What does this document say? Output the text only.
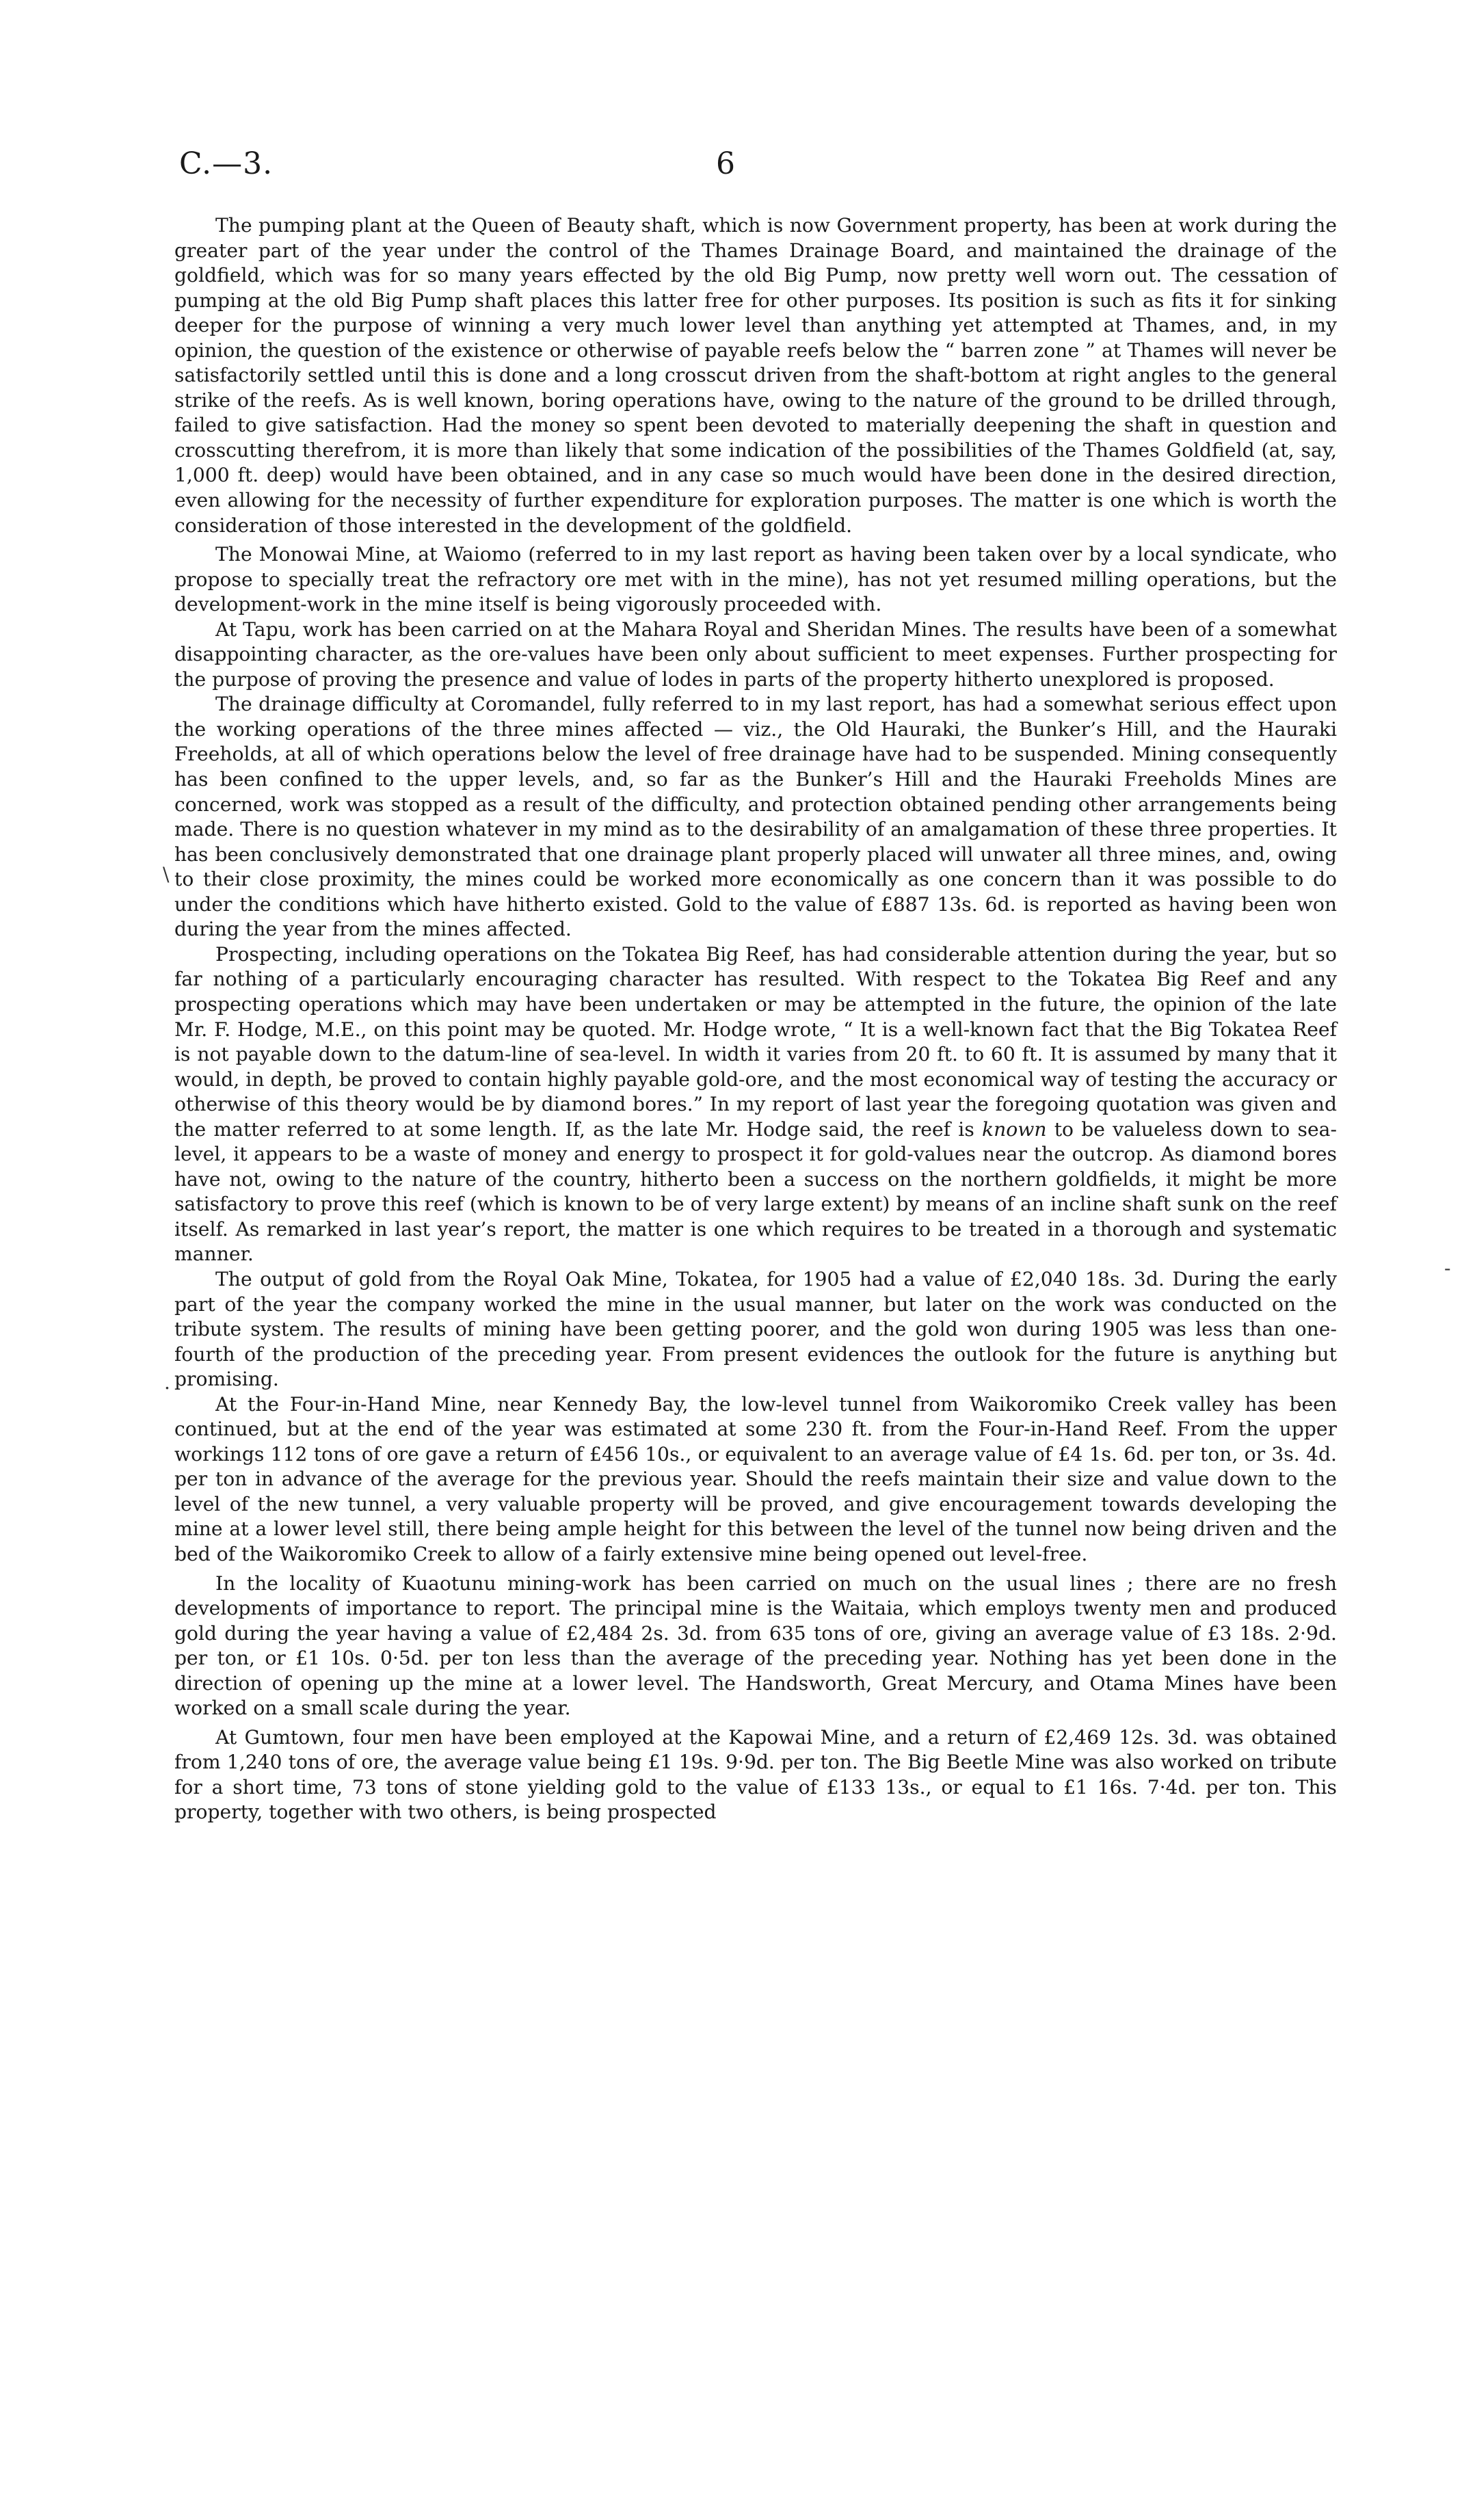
C.—3.	6

The pumping plant at the Queen of Beauty shaft, which is now Government property, has been at work during the greater part of the year under the control of the Thames Drainage Board, and maintained the drainage of the goldfield, which was for so many years effected by the old Big Pump, now pretty well worn out. The cessation of pumping at the old Big Pump shaft places this latter free for other purposes. Its position is such as fits it for sinking deeper for the purpose of winning a very much lower level than anything yet attempted at Thames, and, in my opinion, the question of the existence or otherwise of payable reefs below the “ barren zone ” at Thames will never be satisfactorily settled until this is done and a long crosscut driven from the shaft-bottom at right angles to the general strike of the reefs. As is well known, boring operations have, owing to the nature of the ground to be drilled through, failed to give satisfaction. Had the money so spent been devoted to materially deepening the shaft in question and crosscutting therefrom, it is more than likely that some indication of the possibilities of the Thames Goldfield (at, say, 1,000 ft. deep) would have been obtained, and in any case so much would have been done in the desired direction, even allowing for the necessity of further expenditure for exploration purposes. The matter is one which is worth the consideration of those interested in the development of the goldfield.

The Monowai Mine, at Waiomo (referred to in my last report as having been taken over by a local syndicate, who propose to specially treat the refractory ore met with in the mine), has not yet resumed milling operations, but the development-work in the mine itself is being vigorously proceeded with.

At Tapu, work has been carried on at the Mahara Royal and Sheridan Mines. The results have been of a somewhat disappointing character, as the ore-values have been only about sufficient to meet expenses. Further prospecting for the purpose of proving the presence and value of lodes in parts of the property hitherto unexplored is proposed.

The drainage difficulty at Coromandel, fully referred to in my last report, has had a somewhat serious effect upon the working operations of the three mines affected — viz., the Old Hauraki, the Bunker’s Hill, and the Hauraki Freeholds, at all of which operations below the level of free drainage have had to be suspended. Mining consequently has been confined to the upper levels, and, so far as the Bunker’s Hill and the Hauraki Freeholds Mines are concerned, work was stopped as a result of the difficulty, and protection obtained pending other arrangements being made. There is no question whatever in my mind as to the desirability of an amalgamation of these three properties. It has been conclusively demonstrated that one drainage plant properly placed will unwater all three mines, and, owing to their close proximity, the mines could be worked more economically as one concern than it was possible to do under the conditions which have hitherto existed. Gold to the value of £887 13s. 6d. is reported as having been won during the year from the mines affected.

Prospecting, including operations on the Tokatea Big Reef, has had considerable attention during the year, but so far nothing of a particularly encouraging character has resulted. With respect to the Tokatea Big Reef and any prospecting operations which may have been undertaken or may be attempted in the future, the opinion of the late Mr. F. Hodge, M.E., on this point may be quoted. Mr. Hodge wrote, “ It is a well-known fact that the Big Tokatea Reef is not payable down to the datum-line of sea-level. In width it varies from 20 ft. to 60 ft. It is assumed by many that it would, in depth, be proved to contain highly payable gold-ore, and the most economical way of testing the accuracy or otherwise of this theory would be by diamond bores.” In my report of last year the foregoing quotation was given and the matter referred to at some length. If, as the late Mr. Hodge said, the reef is known to be valueless down to sea-level, it appears to be a waste of money and energy to prospect it for gold-values near the outcrop. As diamond bores have not, owing to the nature of the country, hitherto been a success on the northern goldfields, it might be more satisfactory to prove this reef (which is known to be of very large extent) by means of an incline shaft sunk on the reef itself. As remarked in last year’s report, the matter is one which requires to be treated in a thorough and systematic manner.

The output of gold from the Royal Oak Mine, Tokatea, for 1905 had a value of £2,040 18s. 3d. During the early part of the year the company worked the mine in the usual manner, but later on the work was conducted on the tribute system. The results of mining have been getting poorer, and the gold won during 1905 was less than one-fourth of the production of the preceding year. From present evidences the outlook for the future is anything but promising.

At the Four-in-Hand Mine, near Kennedy Bay, the low-level tunnel from Waikoromiko Creek valley has been continued, but at the end of the year was estimated at some 230 ft. from the Four-in-Hand Reef. From the upper workings 112 tons of ore gave a return of £456 10s., or equivalent to an average value of £4 1s. 6d. per ton, or 3s. 4d. per ton in advance of the average for the previous year. Should the reefs maintain their size and value down to the level of the new tunnel, a very valuable property will be proved, and give encouragement towards developing the mine at a lower level still, there being ample height for this between the level of the tunnel now being driven and the bed of the Waikoromiko Creek to allow of a fairly extensive mine being opened out level-free.

In the locality of Kuaotunu mining-work has been carried on much on the usual lines ; there are no fresh developments of importance to report. The principal mine is the Waitaia, which employs twenty men and produced gold during the year having a value of £2,484 2s. 3d. from 635 tons of ore, giving an average value of £3 18s. 2·9d. per ton, or £1 10s. 0·5d. per ton less than the average of the preceding year. Nothing has yet been done in the direction of opening up the mine at a lower level. The Handsworth, Great Mercury, and Otama Mines have been worked on a small scale during the year.

At Gumtown, four men have been employed at the Kapowai Mine, and a return of £2,469 12s. 3d. was obtained from 1,240 tons of ore, the average value being £1 19s. 9·9d. per ton. The Big Beetle Mine was also worked on tribute for a short time, 73 tons of stone yielding gold to the value of £133 13s., or equal to £1 16s. 7·4d. per ton. This property, together with two others, is being prospected

\
-
.
